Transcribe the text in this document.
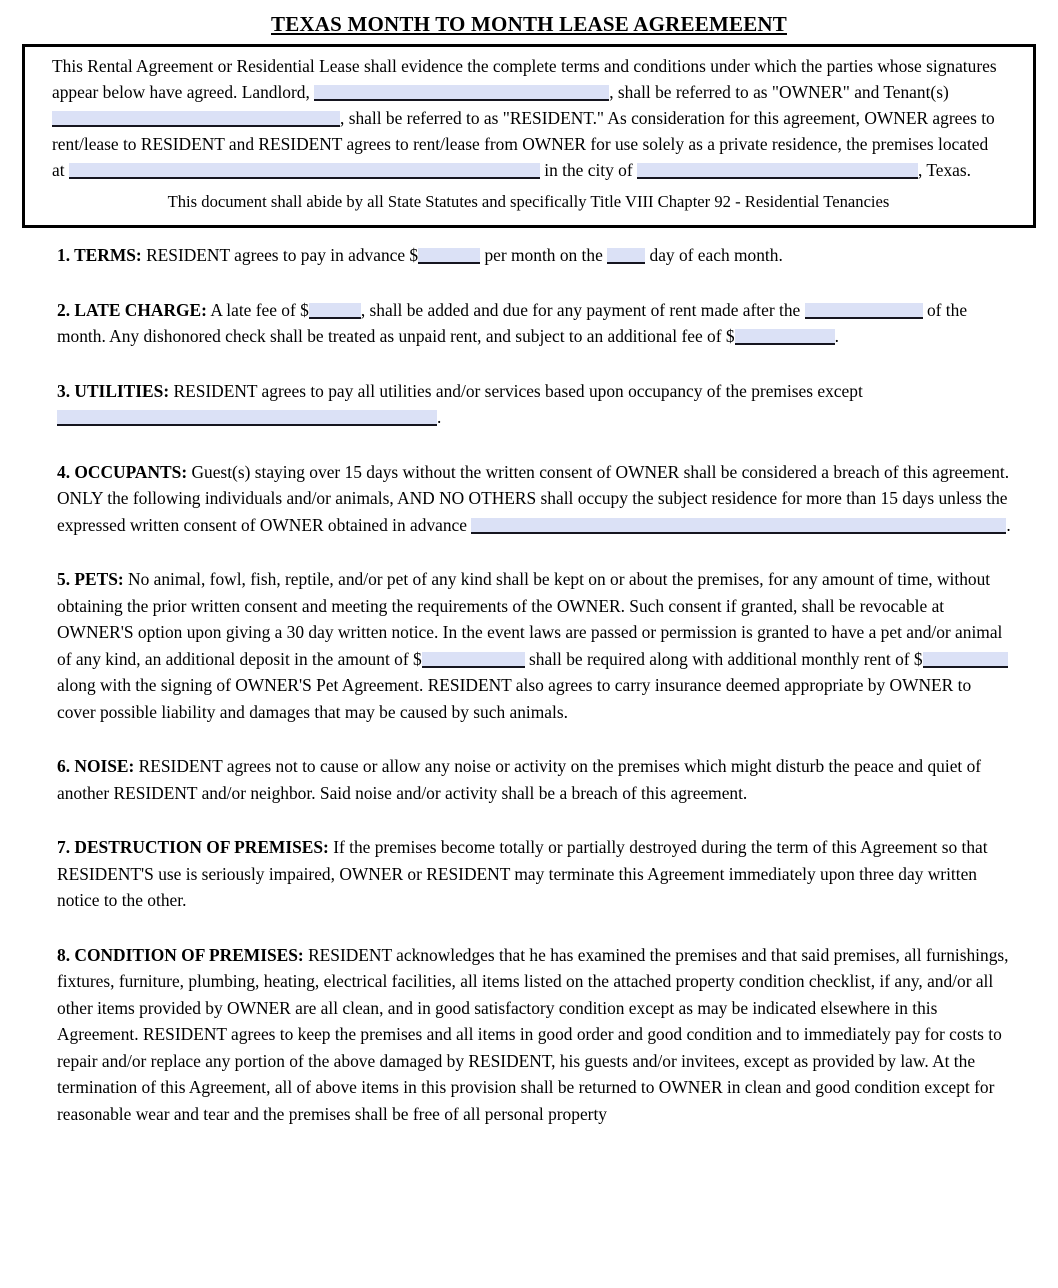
TEXAS MONTH TO MONTH LEASE AGREEMEENT

This Rental Agreement or Residential Lease shall evidence the complete terms and conditions under which the parties whose signatures appear below have agreed. Landlord,	, shall be referred to as "OWNER" and Tenant(s) , shall be referred to as "RESIDENT." As consideration for this agreement, OWNER agrees to rent/lease to RESIDENT and RESIDENT agrees to rent/lease from OWNER for use solely as a private residence, the premises located at	in the city of	, Texas.

This document shall abide by all State Statutes and specifically Title VIII Chapter 92 - Residential Tenancies

1. TERMS: RESIDENT agrees to pay in advance $	per month on the  day of each month.

2. LATE CHARGE: A late fee of $	, shall be added and due for any payment of rent made after the	of the month. Any dishonored check shall be treated as unpaid rent, and subject to an additional fee of $	.

3. UTILITIES: RESIDENT agrees to pay all utilities and/or services based upon occupancy of the premises except .

4. OCCUPANTS: Guest(s) staying over 15 days without the written consent of OWNER shall be considered a breach of this agreement. ONLY the following individuals and/or animals, AND NO OTHERS shall occupy the subject residence for more than 15 days unless the expressed written consent of OWNER obtained in advance	.

5. PETS: No animal, fowl, fish, reptile, and/or pet of any kind shall be kept on or about the premises, for any amount of time, without obtaining the prior written consent and meeting the requirements of the OWNER. Such consent if granted, shall be revocable at OWNER'S option upon giving a 30 day written notice. In the event laws are passed or permission is granted to have a pet and/or animal of any kind, an additional deposit in the amount of $	shall be required along with additional monthly rent of $ along with the signing of OWNER'S Pet Agreement. RESIDENT also agrees to carry insurance deemed appropriate by OWNER to cover possible liability and damages that may be caused by such animals.

6. NOISE: RESIDENT agrees not to cause or allow any noise or activity on the premises which might disturb the peace and quiet of another RESIDENT and/or neighbor. Said noise and/or activity shall be a breach of this agreement.

7. DESTRUCTION OF PREMISES: If the premises become totally or partially destroyed during the term of this Agreement so that RESIDENT'S use is seriously impaired, OWNER or RESIDENT may terminate this Agreement immediately upon three day written notice to the other.

8. CONDITION OF PREMISES: RESIDENT acknowledges that he has examined the premises and that said premises, all furnishings, fixtures, furniture, plumbing, heating, electrical facilities, all items listed on the attached property condition checklist, if any, and/or all other items provided by OWNER are all clean, and in good satisfactory condition except as may be indicated elsewhere in this Agreement. RESIDENT agrees to keep the premises and all items in good order and good condition and to immediately pay for costs to repair and/or replace any portion of the above damaged by RESIDENT, his guests and/or invitees, except as provided by law. At the termination of this Agreement, all of above items in this provision shall be returned to OWNER in clean and good condition except for reasonable wear and tear and the premises shall be free of all personal property
